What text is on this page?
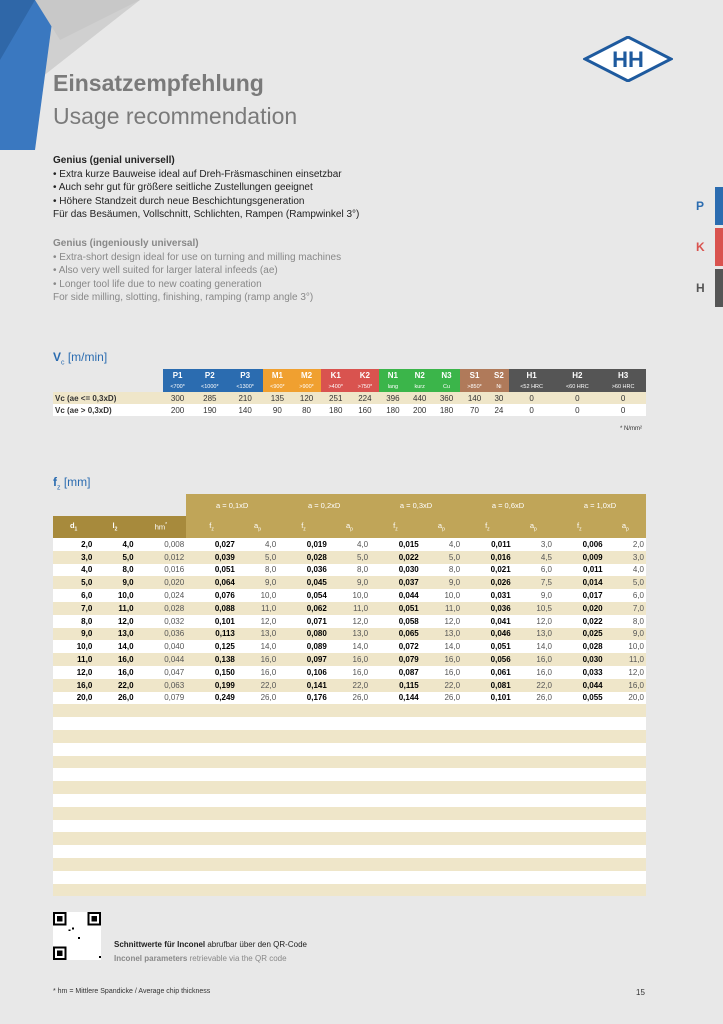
HH
Einsatzempfehlung
Usage recommendation
Genius (genial universell)
• Extra kurze Bauweise ideal auf Dreh-Fräsmaschinen einsetzbar
• Auch sehr gut für größere seitliche Zustellungen geeignet
• Höhere Standzeit durch neue Beschichtungsgeneration
Für das Besäumen, Vollschnitt, Schlichten, Rampen (Rampwinkel 3°)
Genius (ingeniously universal)
• Extra-short design ideal for use on turning and milling machines
• Also very well suited for larger lateral infeeds (ae)
• Longer tool life due to new coating generation
For side milling, slotting, finishing, ramping (ramp angle 3°)
P
K
H
$V_c$ [m/min]
	P1	P2	P3	M1	M2	K1	K2	N1	N2	N3	S1	S2	H1	H2	H3
	<700*	<1000*	<1300*	<900*	>900*	>400*	>750*	lang	kurz	Cu	>850*	Ni	<52 HRC	<60 HRC	>60 HRC
Vc (ae <= 0,3xD)	300	285	210	135	120	251	224	396	440	360	140	30	0	0	0
Vc (ae > 0,3xD)	200	190	140	90	80	180	160	180	200	180	70	24	0	0	0
* N/mm²
$f_z$ [mm]
			a = 0,1xD		a = 0,2xD		a = 0,3xD		a = 0,6xD		a = 1,0xD	
$d_1$	$l_2$	hm*	$f_z$	$a_p$	$f_z$	$a_p$	$f_z$	$a_p$	$f_z$	$a_p$	$f_z$	$a_p$
2,0	4,0	0,008	0,027	4,0	0,019	4,0	0,015	4,0	0,011	3,0	0,006	2,0
3,0	5,0	0,012	0,039	5,0	0,028	5,0	0,022	5,0	0,016	4,5	0,009	3,0
4,0	8,0	0,016	0,051	8,0	0,036	8,0	0,030	8,0	0,021	6,0	0,011	4,0
5,0	9,0	0,020	0,064	9,0	0,045	9,0	0,037	9,0	0,026	7,5	0,014	5,0
6,0	10,0	0,024	0,076	10,0	0,054	10,0	0,044	10,0	0,031	9,0	0,017	6,0
7,0	11,0	0,028	0,088	11,0	0,062	11,0	0,051	11,0	0,036	10,5	0,020	7,0
8,0	12,0	0,032	0,101	12,0	0,071	12,0	0,058	12,0	0,041	12,0	0,022	8,0
9,0	13,0	0,036	0,113	13,0	0,080	13,0	0,065	13,0	0,046	13,0	0,025	9,0
10,0	14,0	0,040	0,125	14,0	0,089	14,0	0,072	14,0	0,051	14,0	0,028	10,0
11,0	16,0	0,044	0,138	16,0	0,097	16,0	0,079	16,0	0,056	16,0	0,030	11,0
12,0	16,0	0,047	0,150	16,0	0,106	16,0	0,087	16,0	0,061	16,0	0,033	12,0
16,0	22,0	0,063	0,199	22,0	0,141	22,0	0,115	22,0	0,081	22,0	0,044	16,0
20,0	26,0	0,079	0,249	26,0	0,176	26,0	0,144	26,0	0,101	26,0	0,055	20,0

Schnittwerte für Inconel abrufbar über den QR-Code
Inconel parameters retrievable via the QR code
* hm = Mittlere Spandicke / Average chip thickness	15
